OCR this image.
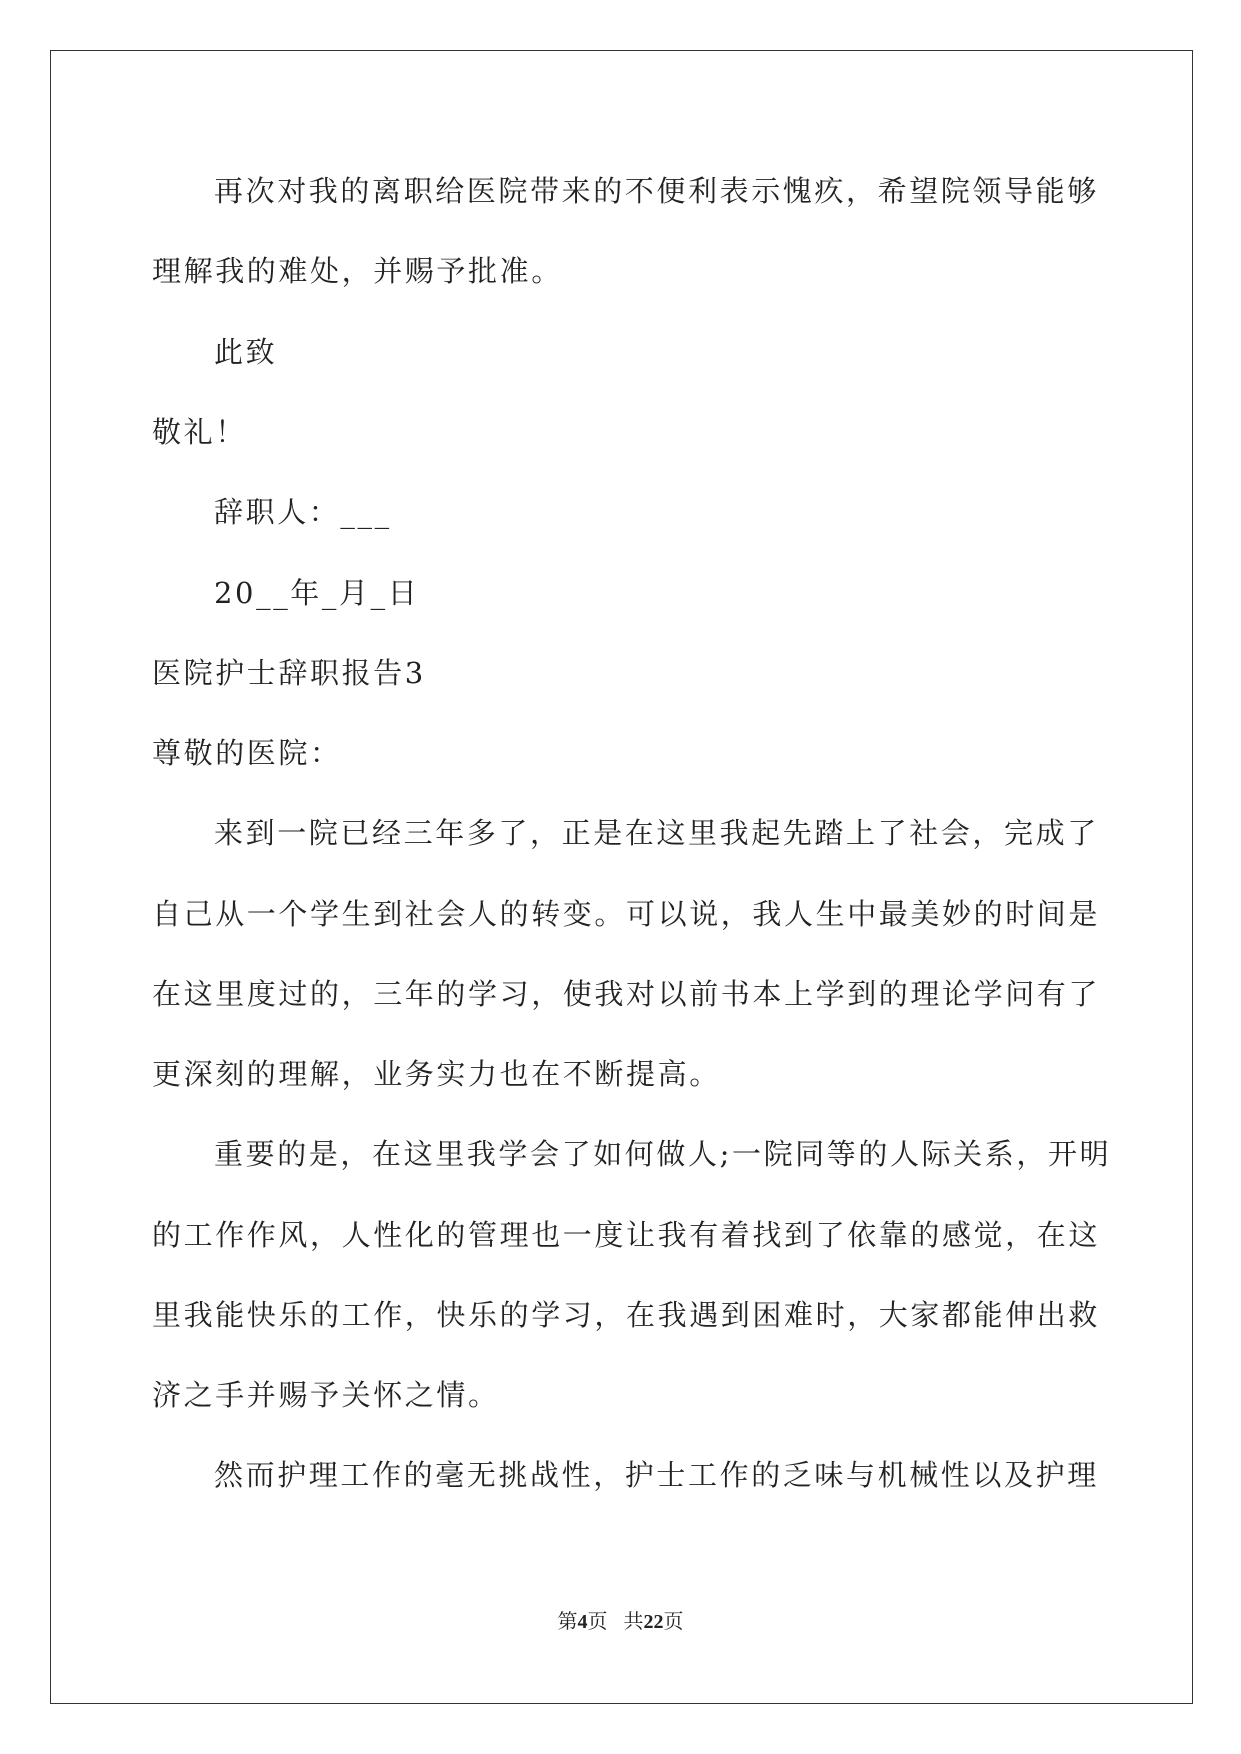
再次对我的离职给医院带来的不便利表示愧疚，希望院领导能够
理解我的难处，并赐予批准。
此致
敬礼！
辞职人：___
20__年_月_日
医院护士辞职报告3
尊敬的医院：
来到一院已经三年多了，正是在这里我起先踏上了社会，完成了
自己从一个学生到社会人的转变。可以说，我人生中最美妙的时间是
在这里度过的，三年的学习，使我对以前书本上学到的理论学问有了
更深刻的理解，业务实力也在不断提高。
重要的是，在这里我学会了如何做人;一院同等的人际关系，开明
的工作作风，人性化的管理也一度让我有着找到了依靠的感觉，在这
里我能快乐的工作，快乐的学习，在我遇到困难时，大家都能伸出救
济之手并赐予关怀之情。
然而护理工作的毫无挑战性，护士工作的乏味与机械性以及护理
第4页 共22页
